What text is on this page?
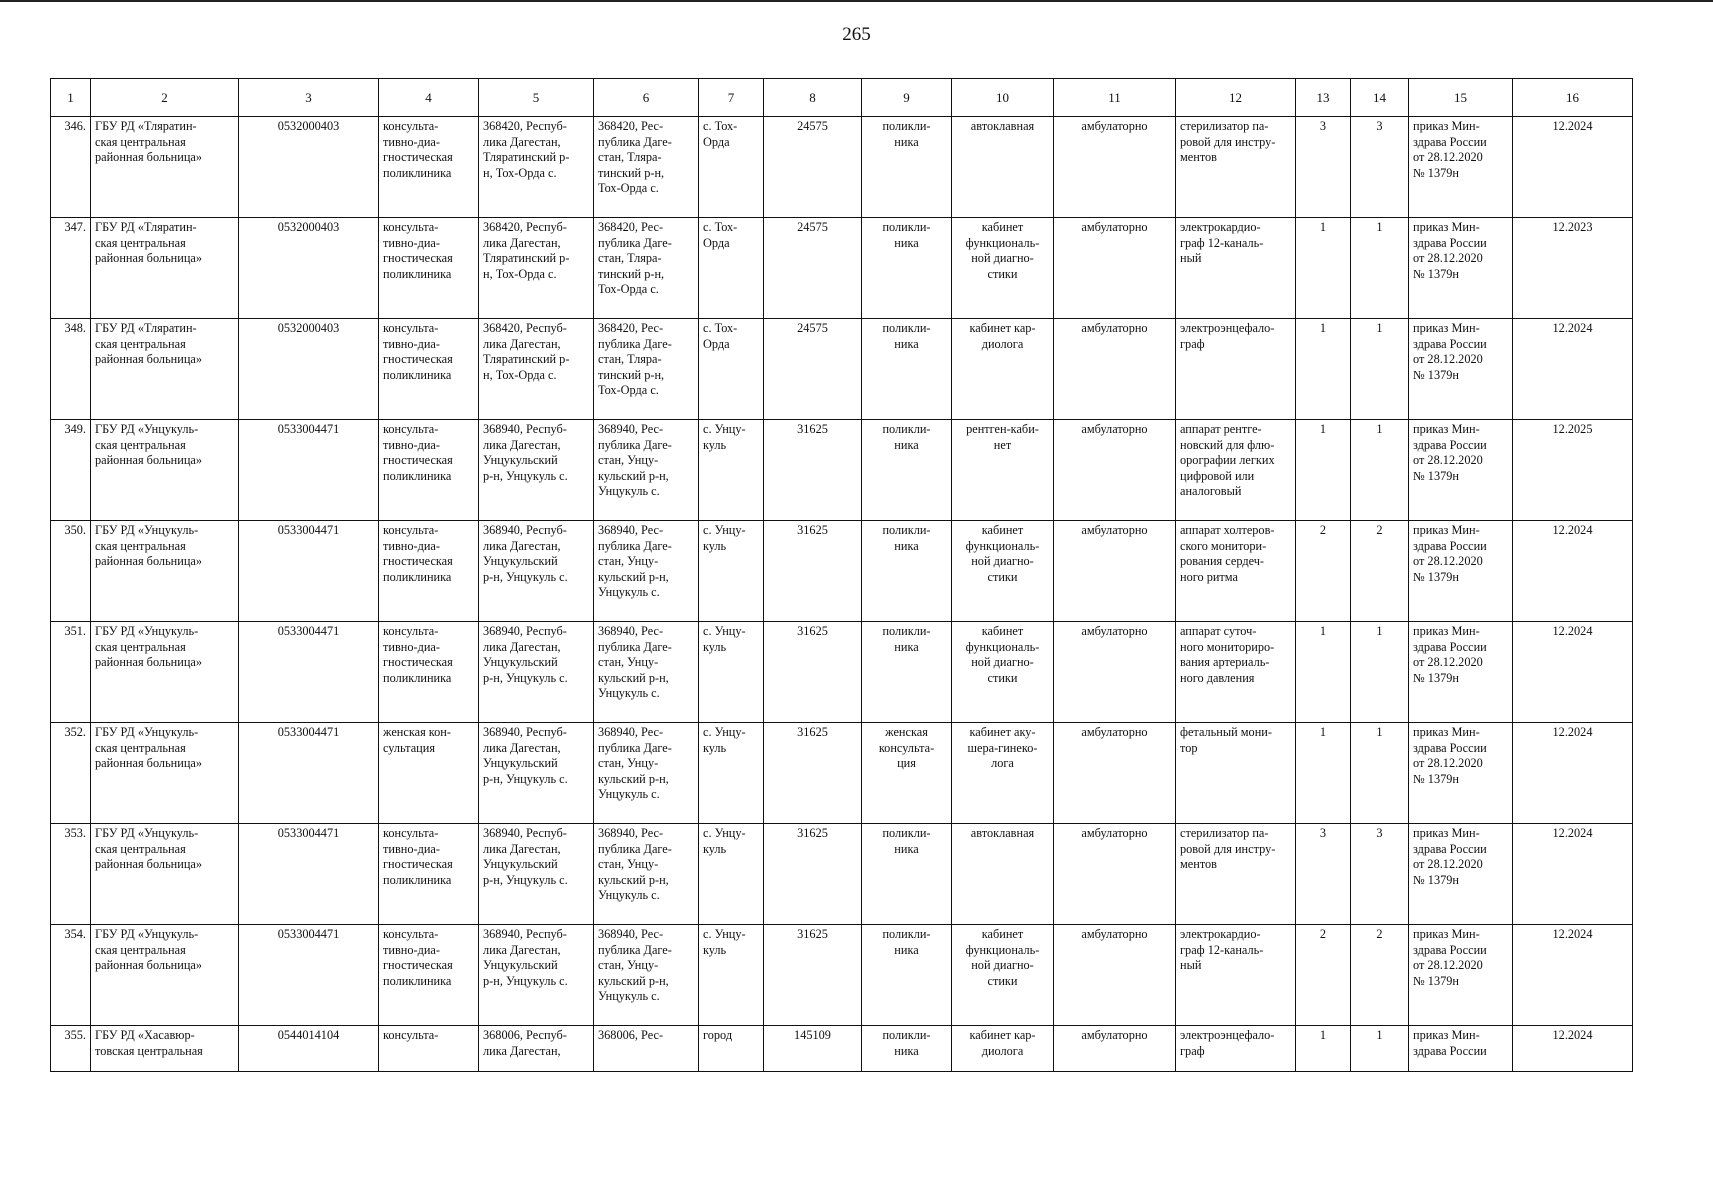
265
1	2	3	4	5	6	7	8	9	10	11	12	13	14	15	16

346.	ГБУ РД «Тляратин-
ская центральная
районная больница»	0532000403	консульта-
тивно-диа-
гностическая
поликлиника	368420, Респуб-
лика Дагестан,
Тляратинский р-
н, Тох-Орда с.	368420, Рес-
публика Даге-
стан, Тляра-
тинский р-н,
Тох-Орда с.	с. Тох-
Орда	24575	поликли-
ника	автоклавная	амбулаторно	стерилизатор па-
ровой для инстру-
ментов	3	3	приказ Мин-
здрава России
от 28.12.2020
№ 1379н	12.2024

347.	ГБУ РД «Тляратин-
ская центральная
районная больница»	0532000403	консульта-
тивно-диа-
гностическая
поликлиника	368420, Респуб-
лика Дагестан,
Тляратинский р-
н, Тох-Орда с.	368420, Рес-
публика Даге-
стан, Тляра-
тинский р-н,
Тох-Орда с.	с. Тох-
Орда	24575	поликли-
ника	кабинет
функциональ-
ной диагно-
стики	амбулаторно	электрокардио-
граф 12-каналь-
ный	1	1	приказ Мин-
здрава России
от 28.12.2020
№ 1379н	12.2023

348.	ГБУ РД «Тляратин-
ская центральная
районная больница»	0532000403	консульта-
тивно-диа-
гностическая
поликлиника	368420, Респуб-
лика Дагестан,
Тляратинский р-
н, Тох-Орда с.	368420, Рес-
публика Даге-
стан, Тляра-
тинский р-н,
Тох-Орда с.	с. Тох-
Орда	24575	поликли-
ника	кабинет кар-
диолога	амбулаторно	электроэнцефало-
граф	1	1	приказ Мин-
здрава России
от 28.12.2020
№ 1379н	12.2024

349.	ГБУ РД «Унцукуль-
ская центральная
районная больница»	0533004471	консульта-
тивно-диа-
гностическая
поликлиника	368940, Респуб-
лика Дагестан,
Унцукульский
р-н, Унцукуль с.	368940, Рес-
публика Даге-
стан, Унцу-
кульский р-н,
Унцукуль с.	с. Унцу-
куль	31625	поликли-
ника	рентген-каби-
нет	амбулаторно	аппарат рентге-
новский для флю-
орографии легких
цифровой или
аналоговый	1	1	приказ Мин-
здрава России
от 28.12.2020
№ 1379н	12.2025

350.	ГБУ РД «Унцукуль-
ская центральная
районная больница»	0533004471	консульта-
тивно-диа-
гностическая
поликлиника	368940, Респуб-
лика Дагестан,
Унцукульский
р-н, Унцукуль с.	368940, Рес-
публика Даге-
стан, Унцу-
кульский р-н,
Унцукуль с.	с. Унцу-
куль	31625	поликли-
ника	кабинет
функциональ-
ной диагно-
стики	амбулаторно	аппарат холтеров-
ского монитори-
рования сердеч-
ного ритма	2	2	приказ Мин-
здрава России
от 28.12.2020
№ 1379н	12.2024

351.	ГБУ РД «Унцукуль-
ская центральная
районная больница»	0533004471	консульта-
тивно-диа-
гностическая
поликлиника	368940, Респуб-
лика Дагестан,
Унцукульский
р-н, Унцукуль с.	368940, Рес-
публика Даге-
стан, Унцу-
кульский р-н,
Унцукуль с.	с. Унцу-
куль	31625	поликли-
ника	кабинет
функциональ-
ной диагно-
стики	амбулаторно	аппарат суточ-
ного мониториро-
вания артериаль-
ного давления	1	1	приказ Мин-
здрава России
от 28.12.2020
№ 1379н	12.2024

352.	ГБУ РД «Унцукуль-
ская центральная
районная больница»	0533004471	женская кон-
сультация	368940, Респуб-
лика Дагестан,
Унцукульский
р-н, Унцукуль с.	368940, Рес-
публика Даге-
стан, Унцу-
кульский р-н,
Унцукуль с.	с. Унцу-
куль	31625	женская
консульта-
ция	кабинет аку-
шера-гинеко-
лога	амбулаторно	фетальный мони-
тор	1	1	приказ Мин-
здрава России
от 28.12.2020
№ 1379н	12.2024

353.	ГБУ РД «Унцукуль-
ская центральная
районная больница»	0533004471	консульта-
тивно-диа-
гностическая
поликлиника	368940, Респуб-
лика Дагестан,
Унцукульский
р-н, Унцукуль с.	368940, Рес-
публика Даге-
стан, Унцу-
кульский р-н,
Унцукуль с.	с. Унцу-
куль	31625	поликли-
ника	автоклавная	амбулаторно	стерилизатор па-
ровой для инстру-
ментов	3	3	приказ Мин-
здрава России
от 28.12.2020
№ 1379н	12.2024

354.	ГБУ РД «Унцукуль-
ская центральная
районная больница»	0533004471	консульта-
тивно-диа-
гностическая
поликлиника	368940, Респуб-
лика Дагестан,
Унцукульский
р-н, Унцукуль с.	368940, Рес-
публика Даге-
стан, Унцу-
кульский р-н,
Унцукуль с.	с. Унцу-
куль	31625	поликли-
ника	кабинет
функциональ-
ной диагно-
стики	амбулаторно	электрокардио-
граф 12-каналь-
ный	2	2	приказ Мин-
здрава России
от 28.12.2020
№ 1379н	12.2024

355.	ГБУ РД «Хасавюр-
товская центральная	0544014104	консульта-	368006, Респуб-
лика Дагестан,	368006, Рес-	город	145109	поликли-
ника	кабинет кар-
диолога	амбулаторно	электроэнцефало-
граф	1	1	приказ Мин-
здрава России	12.2024
